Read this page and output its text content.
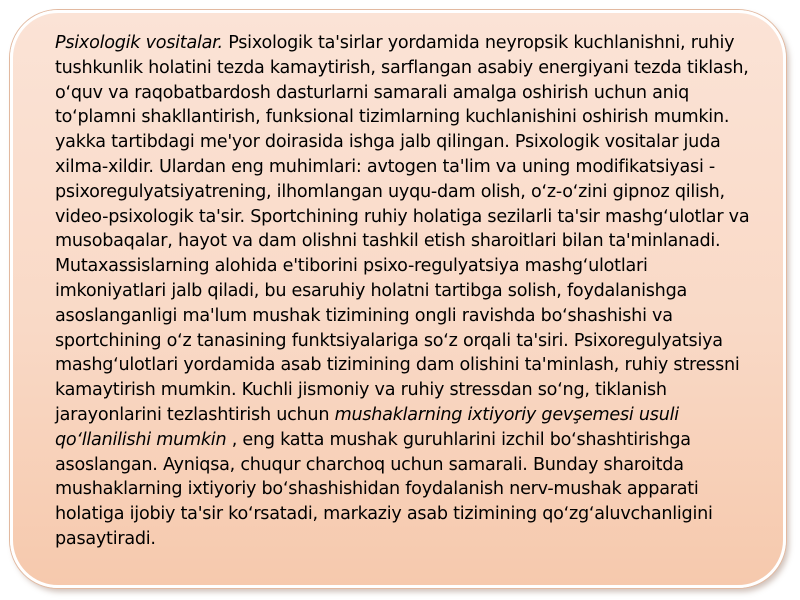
Psixologik vositalar. Psixologik ta'sirlar yordamida neyropsik kuchlanishni, ruhiy tushkunlik holatini tezda kamaytirish, sarflangan asabiy energiyani tezda tiklash, oʻquv va raqobatbardosh dasturlarni samarali amalga oshirish uchun aniq toʻplamni shakllantirish, funksional tizimlarning kuchlanishini oshirish mumkin. yakka tartibdagi me'yor doirasida ishga jalb qilingan. Psixologik vositalar juda xilma-xildir. Ulardan eng muhimlari: avtogen ta'lim va uning modifikatsiyasi - psixoregulyatsiyatrening, ilhomlangan uyqu-dam olish, oʻz-oʻzini gipnoz qilish, video-psixologik ta'sir. Sportchining ruhiy holatiga sezilarli ta'sir mashgʻulotlar va musobaqalar, hayot va dam olishni tashkil etish sharoitlari bilan ta'minlanadi. Mutaxassislarning alohida e'tiborini psixo-regulyatsiya mashgʻulotlari imkoniyatlari jalb qiladi, bu esaruhiy holatni tartibga solish, foydalanishga asoslanganligi ma'lum mushak tizimining ongli ravishda boʻshashishi va sportchining oʻz tanasining funktsiyalariga soʻz orqali ta'siri. Psixoregulyatsiya mashgʻulotlari yordamida asab tizimining dam olishini ta'minlash, ruhiy stressni kamaytirish mumkin. Kuchli jismoniy va ruhiy stressdan soʻng, tiklanish jarayonlarini tezlashtirish uchun mushaklarning ixtiyoriy gevşemesi usuli qoʻllanilishi mumkin , eng katta mushak guruhlarini izchil boʻshashtirishga asoslangan. Ayniqsa, chuqur charchoq uchun samarali. Bunday sharoitda mushaklarning ixtiyoriy boʻshashishidan foydalanish nerv-mushak apparati holatiga ijobiy ta'sir koʻrsatadi, markaziy asab tizimining qoʻzgʻaluvchanligini pasaytiradi.
